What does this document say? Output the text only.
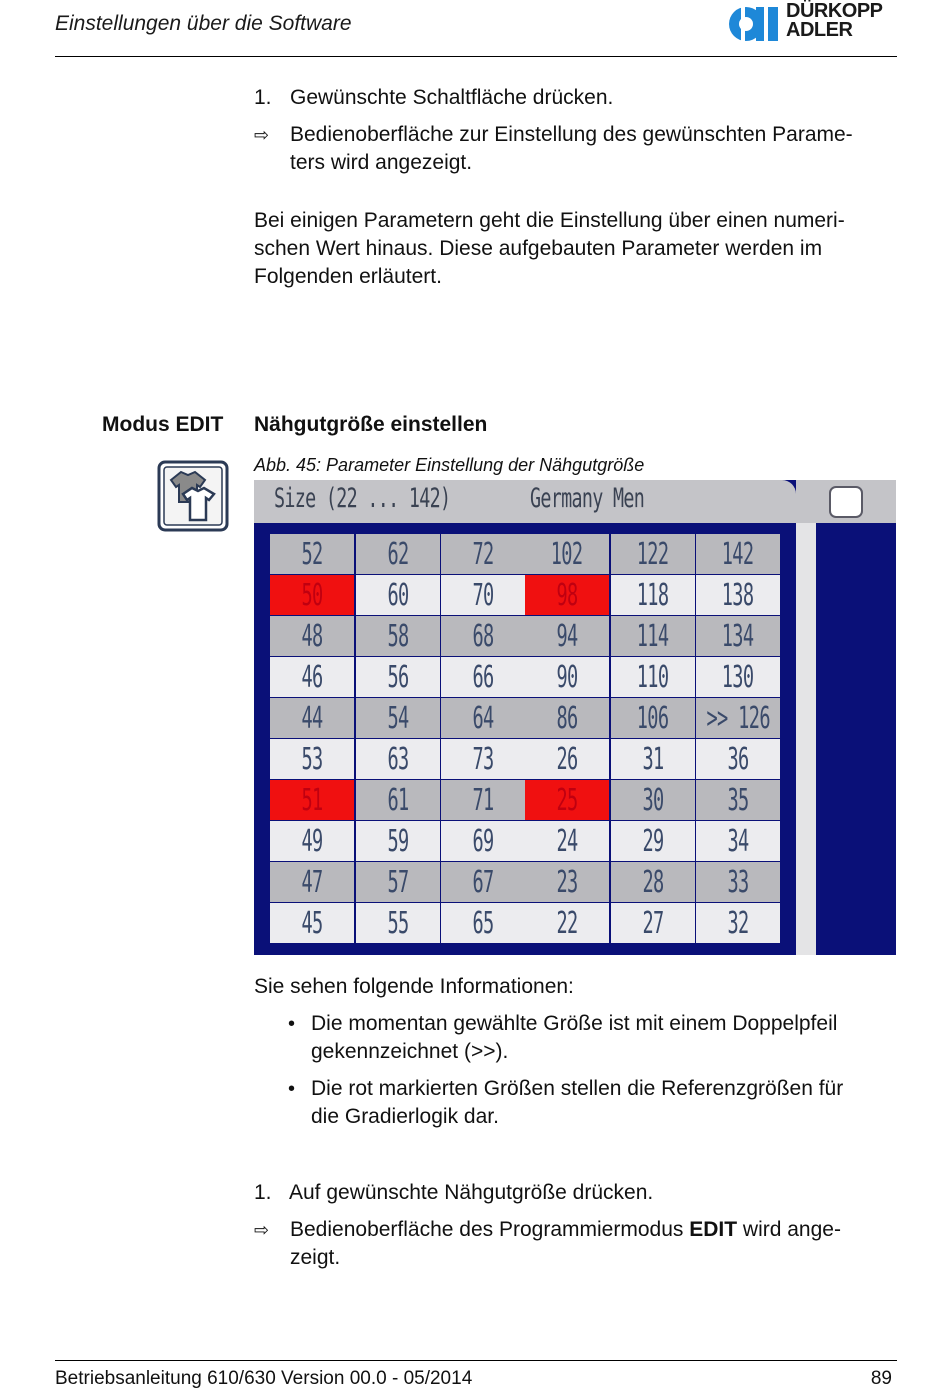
Einstellungen über die Software
DÜRKOPP
ADLER
1. Gewünschte Schaltfläche drücken.
⇨ Bedienoberfläche zur Einstellung des gewünschten Parame-
ters wird angezeigt.
Bei einigen Parametern geht die Einstellung über einen numeri-
schen Wert hinaus. Diese aufgebauten Parameter werden im
Folgenden erläutert.
Modus EDIT Nähgutgröße einstellen
Abb. 45: Parameter Einstellung der Nähgutgröße
Size (22 ... 142)	Germany Men
52 62 72 102 122 142
50 60 70 98 118 138
48 58 68 94 114 134
46 56 66 90 110 130
44 54 64 86 106 >> 126
53 63 73 26 31 36
51 61 71 25 30 35
49 59 69 24 29 34
47 57 67 23 28 33
45 55 65 22 27 32
Sie sehen folgende Informationen:
• Die momentan gewählte Größe ist mit einem Doppelpfeil
gekennzeichnet (>>).
• Die rot markierten Größen stellen die Referenzgrößen für
die Gradierlogik dar.
1. Auf gewünschte Nähgutgröße drücken.
⇨ Bedienoberfläche des Programmiermodus EDIT wird ange-
zeigt.
Betriebsanleitung 610/630 Version 00.0 - 05/2014	89
